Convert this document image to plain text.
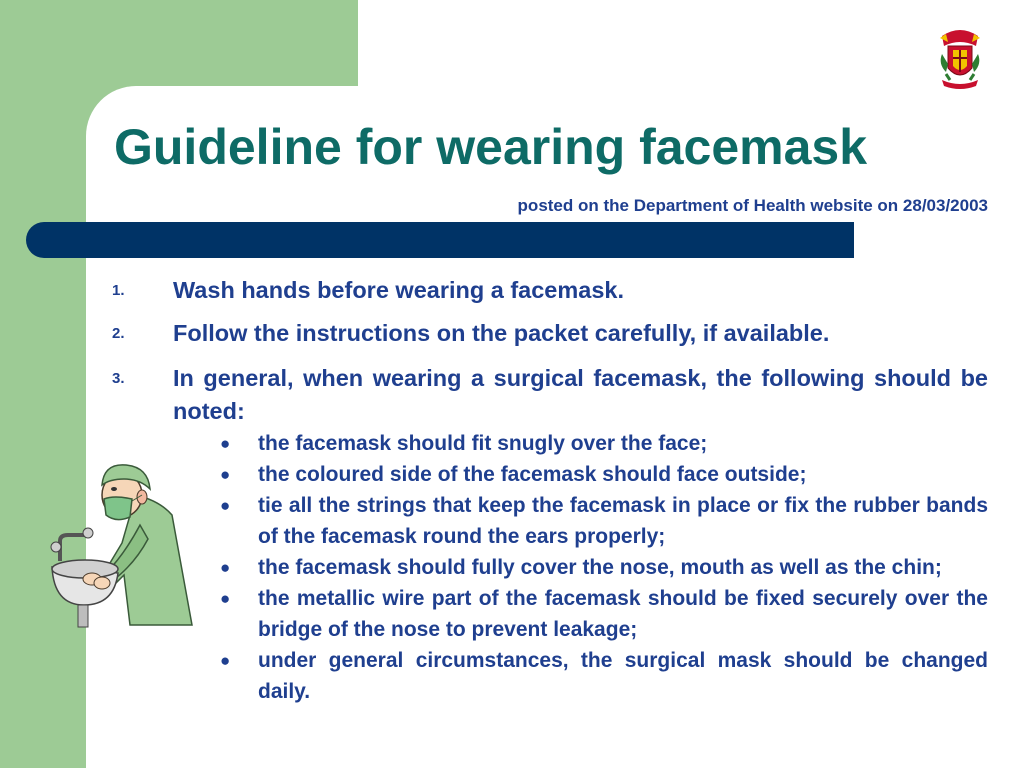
Guideline for wearing facemask
posted on the Department of Health website on 28/03/2003
1.	Wash hands before wearing a facemask.
2.	Follow the instructions on the packet carefully, if available.
3.	In general, when wearing a surgical facemask, the following should be noted:
● the facemask should fit snugly over the face;
● the coloured side of the facemask should face outside;
● tie all the strings that keep the facemask in place or fix the rubber bands of the facemask round the ears properly;
● the facemask should fully cover the nose, mouth as well as the chin;
● the metallic wire part of the facemask should be fixed securely over the bridge of the nose to prevent leakage;
● under general circumstances, the surgical mask should be changed daily.
